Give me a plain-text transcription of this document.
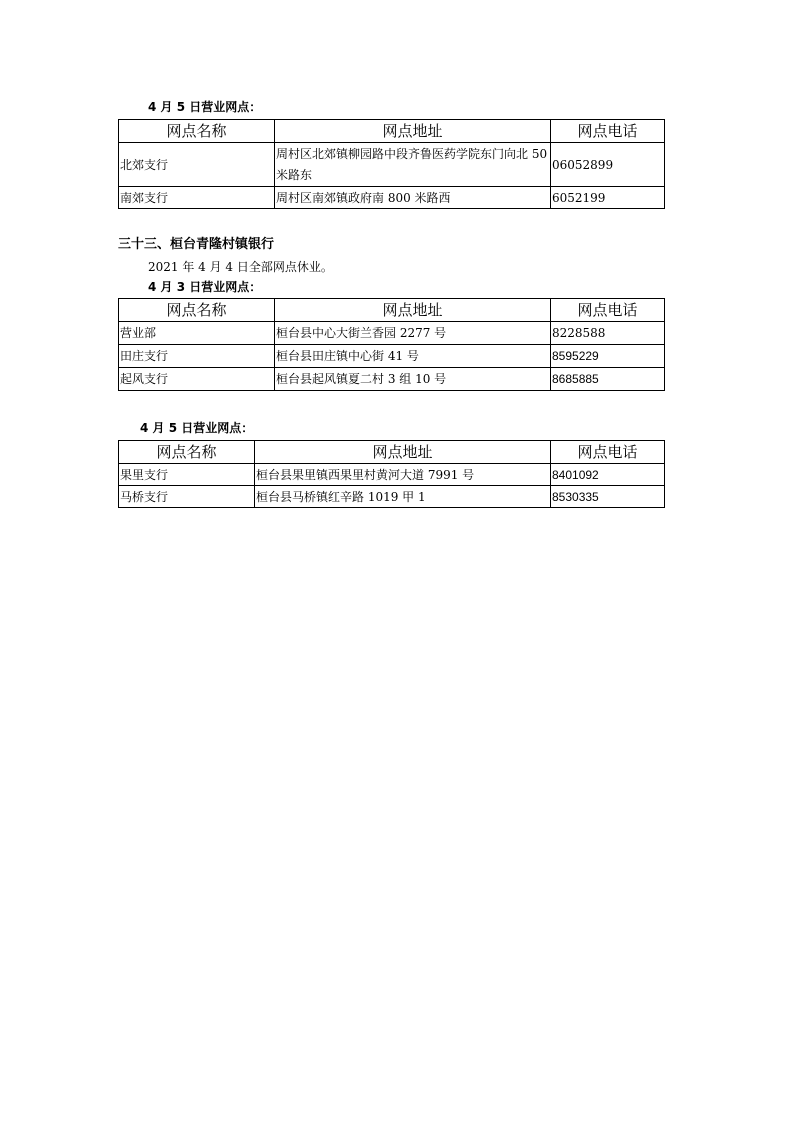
4 月 5 日营业网点：
网点名称	网点地址	网点电话
北郊支行	周村区北郊镇柳园路中段齐鲁医药学院东门向北 50 米路东	06052899
南郊支行	周村区南郊镇政府南 800 米路西	6052199
三十三、桓台青隆村镇银行
2021 年 4 月 4 日全部网点休业。
4 月 3 日营业网点：
网点名称	网点地址	网点电话
营业部	桓台县中心大街兰香园 2277 号	8228588
田庄支行	桓台县田庄镇中心街 41 号	8595229
起风支行	桓台县起风镇夏二村 3 组 10 号	8685885
4 月 5 日营业网点：
网点名称	网点地址	网点电话
果里支行	桓台县果里镇西果里村黄河大道 7991 号	8401092
马桥支行	桓台县马桥镇红辛路 1019 甲 1	8530335
